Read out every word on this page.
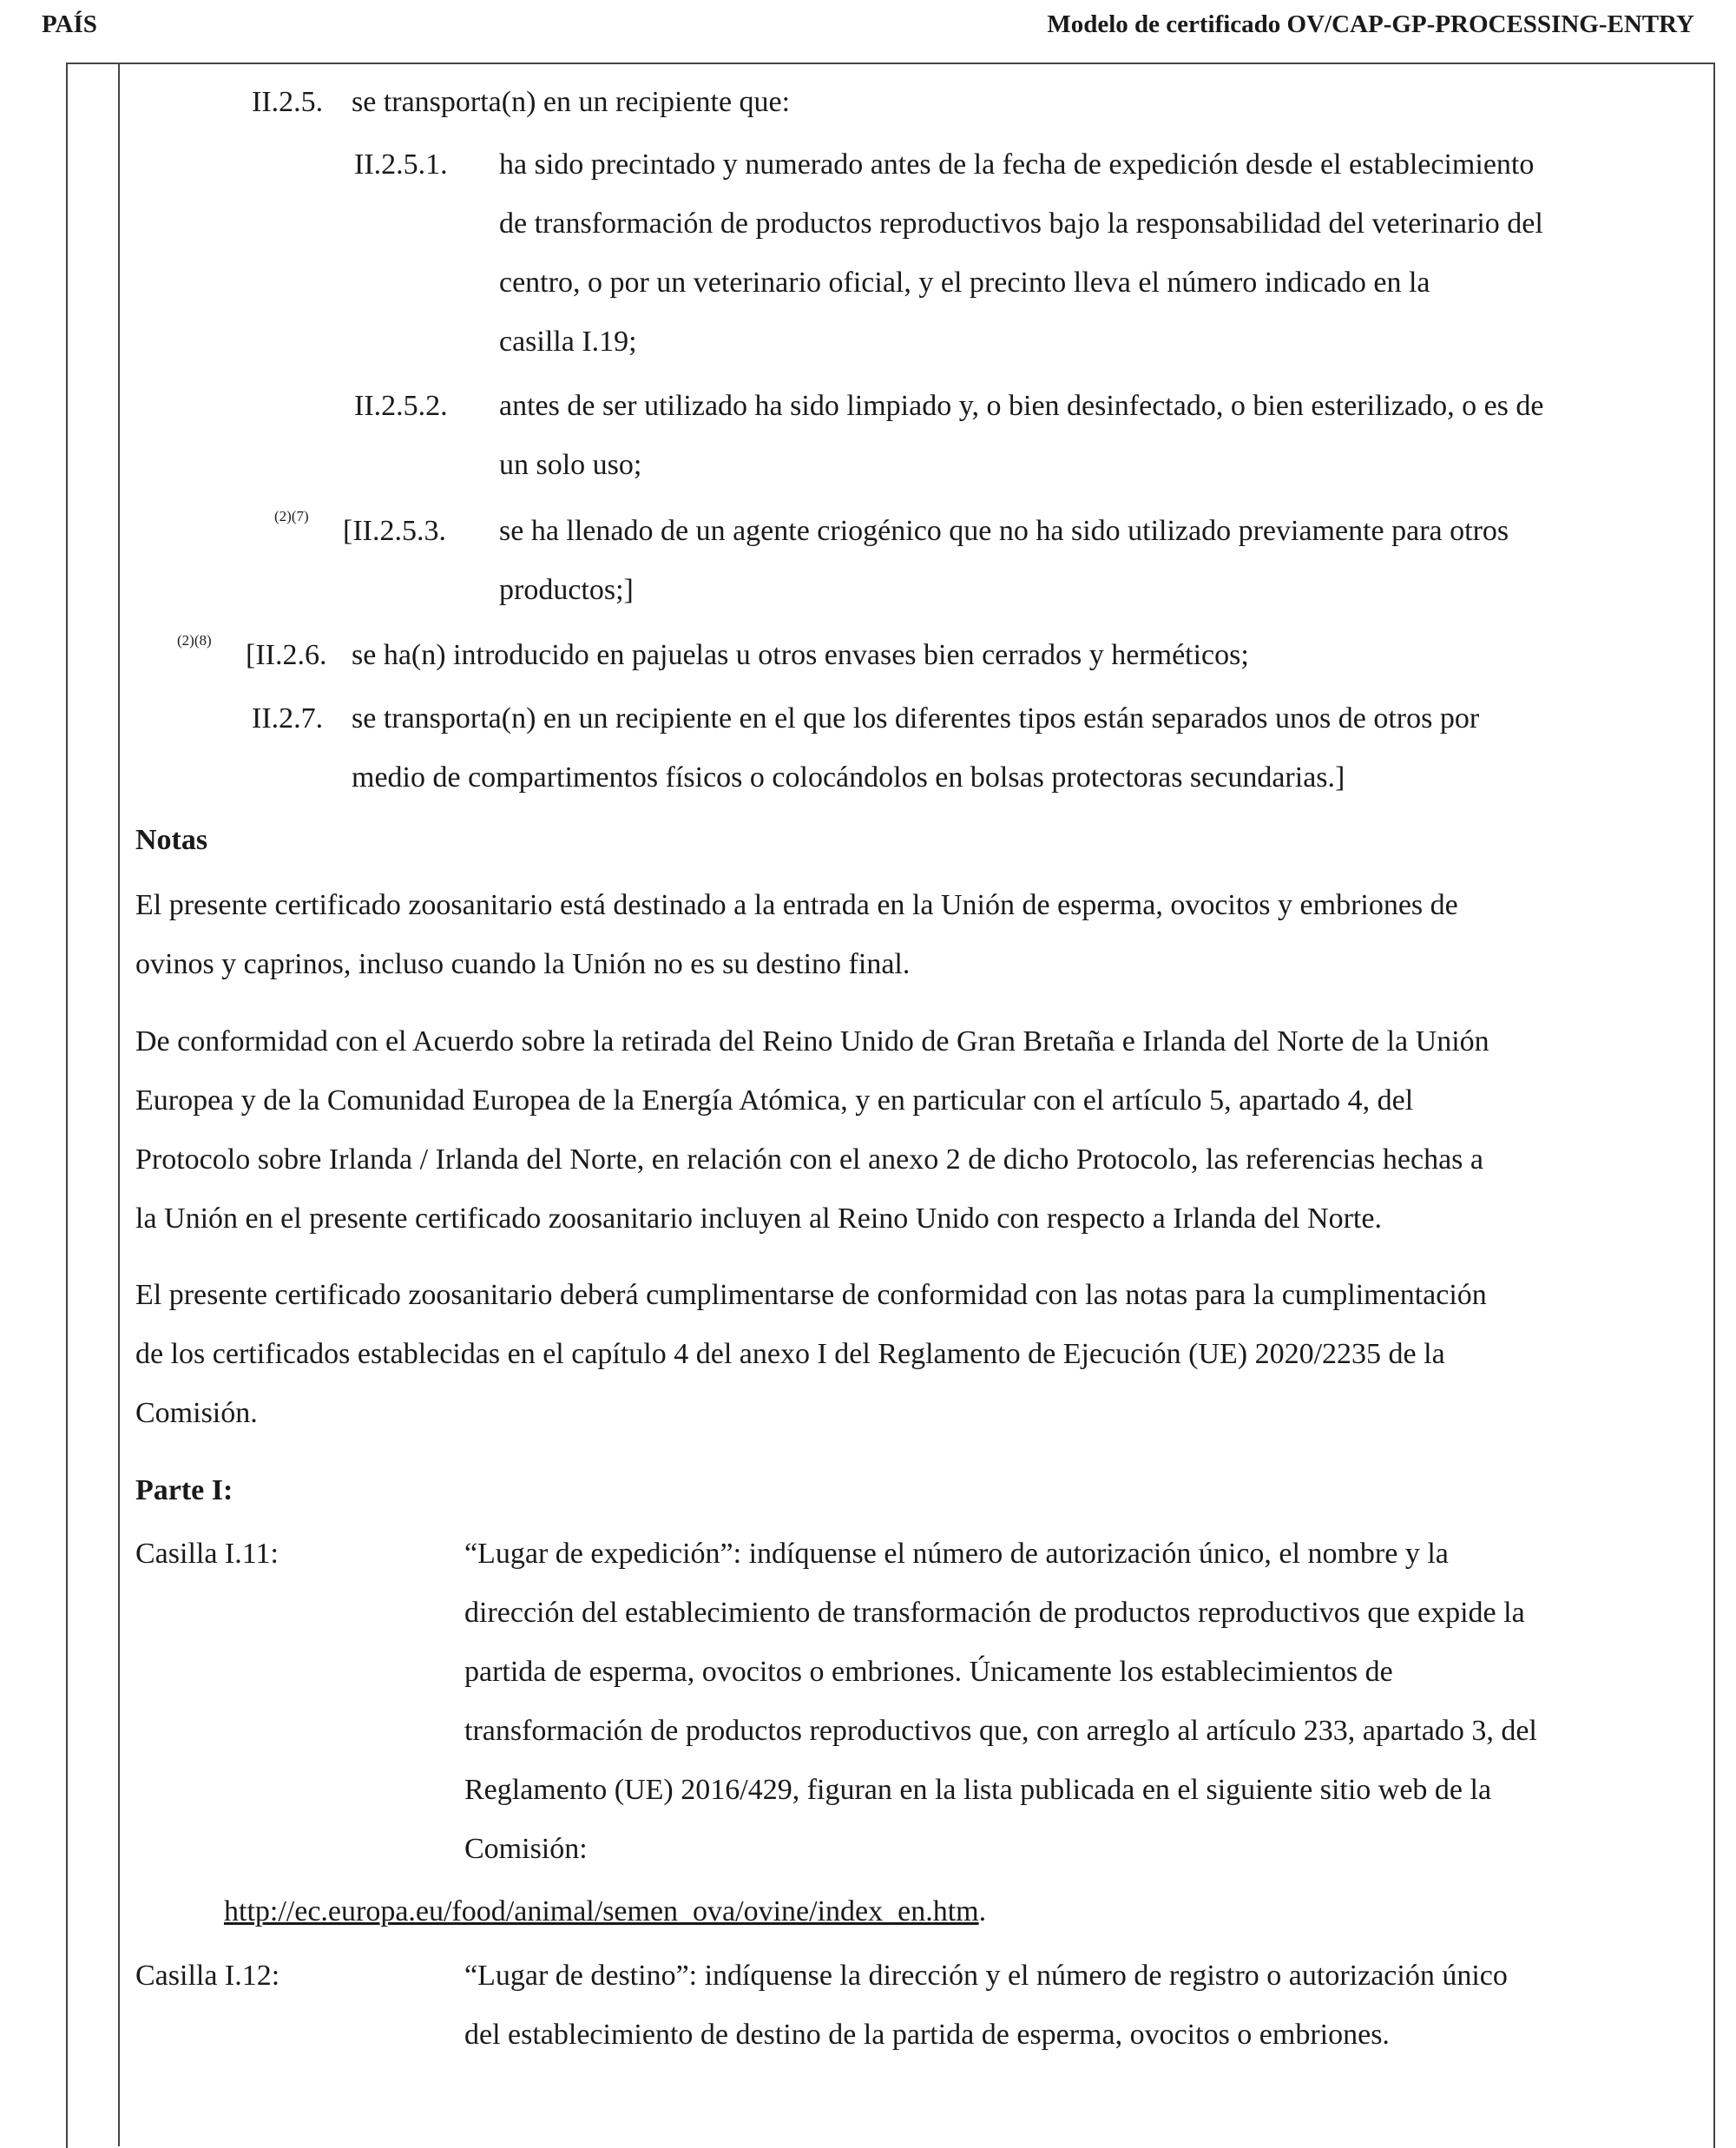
PAÍS	Modelo de certificado OV/CAP-GP-PROCESSING-ENTRY
II.2.5. se transporta(n) en un recipiente que:
II.2.5.1. ha sido precintado y numerado antes de la fecha de expedición desde el establecimiento
de transformación de productos reproductivos bajo la responsabilidad del veterinario del
centro, o por un veterinario oficial, y el precinto lleva el número indicado en la
casilla I.19;
II.2.5.2. antes de ser utilizado ha sido limpiado y, o bien desinfectado, o bien esterilizado, o es de
un solo uso;
(2)(7) [II.2.5.3. se ha llenado de un agente criogénico que no ha sido utilizado previamente para otros
productos;]
(2)(8) [II.2.6. se ha(n) introducido en pajuelas u otros envases bien cerrados y herméticos;
II.2.7. se transporta(n) en un recipiente en el que los diferentes tipos están separados unos de otros por
medio de compartimentos físicos o colocándolos en bolsas protectoras secundarias.]
Notas
El presente certificado zoosanitario está destinado a la entrada en la Unión de esperma, ovocitos y embriones de
ovinos y caprinos, incluso cuando la Unión no es su destino final.
De conformidad con el Acuerdo sobre la retirada del Reino Unido de Gran Bretaña e Irlanda del Norte de la Unión
Europea y de la Comunidad Europea de la Energía Atómica, y en particular con el artículo 5, apartado 4, del
Protocolo sobre Irlanda / Irlanda del Norte, en relación con el anexo 2 de dicho Protocolo, las referencias hechas a
la Unión en el presente certificado zoosanitario incluyen al Reino Unido con respecto a Irlanda del Norte.
El presente certificado zoosanitario deberá cumplimentarse de conformidad con las notas para la cumplimentación
de los certificados establecidas en el capítulo 4 del anexo I del Reglamento de Ejecución (UE) 2020/2235 de la
Comisión.
Parte I:
Casilla I.11:	“Lugar de expedición”: indíquense el número de autorización único, el nombre y la
dirección del establecimiento de transformación de productos reproductivos que expide la
partida de esperma, ovocitos o embriones. Únicamente los establecimientos de
transformación de productos reproductivos que, con arreglo al artículo 233, apartado 3, del
Reglamento (UE) 2016/429, figuran en la lista publicada en el siguiente sitio web de la
Comisión:
http://ec.europa.eu/food/animal/semen_ova/ovine/index_en.htm.
Casilla I.12:	“Lugar de destino”: indíquense la dirección y el número de registro o autorización único
del establecimiento de destino de la partida de esperma, ovocitos o embriones.
